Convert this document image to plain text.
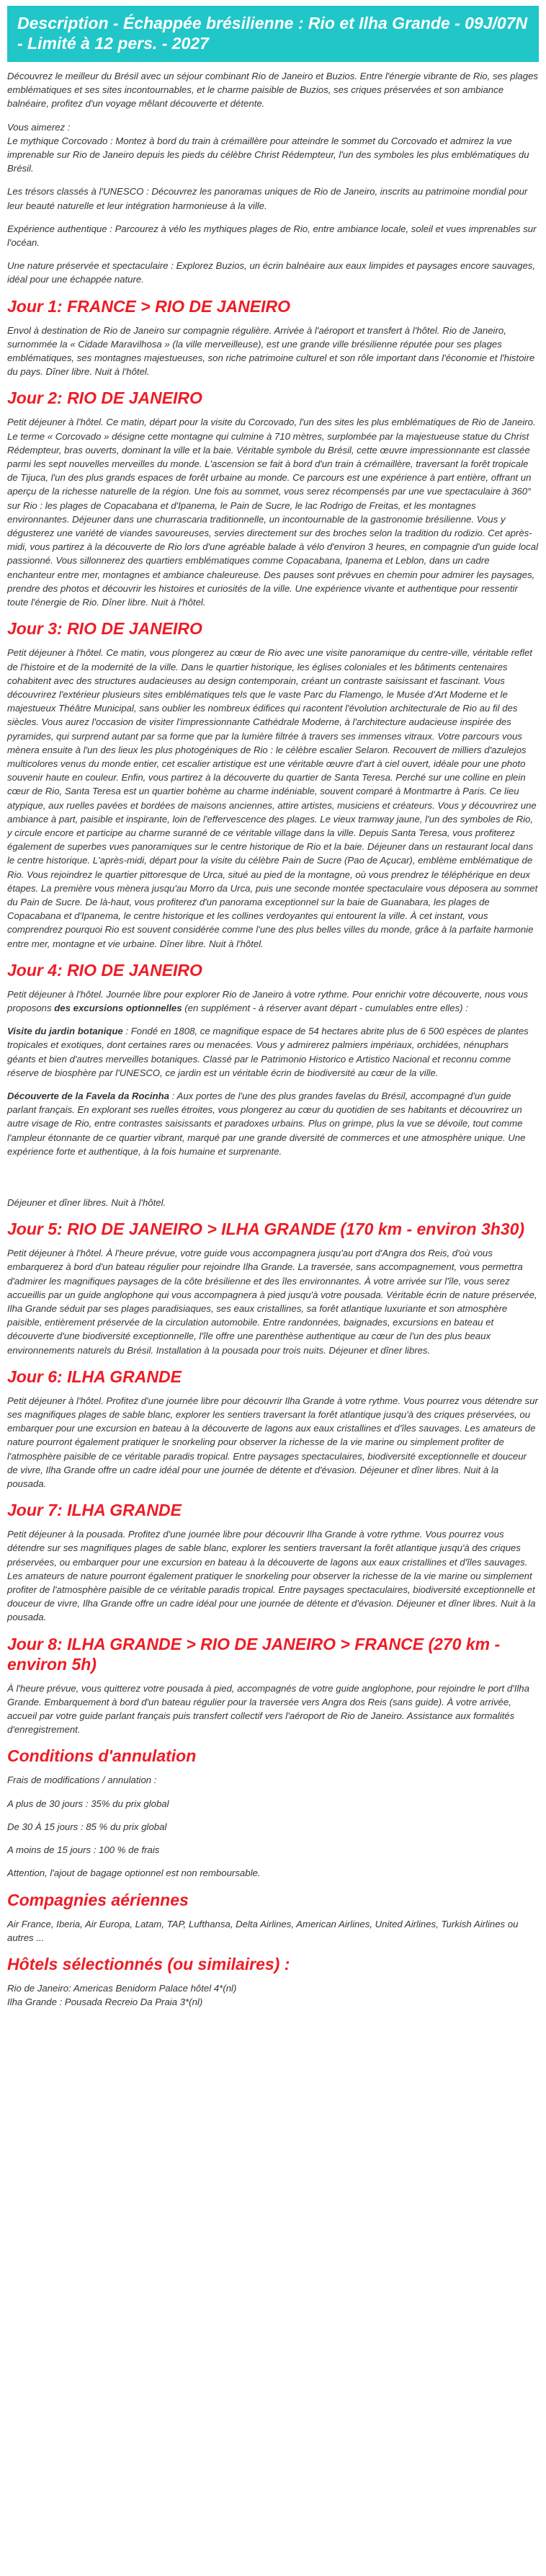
Description - Échappée brésilienne : Rio et Ilha Grande - 09J/07N - Limité à 12 pers. - 2027

Découvrez le meilleur du Brésil avec un séjour combinant Rio de Janeiro et Buzios. Entre l'énergie vibrante de Rio, ses plages emblématiques et ses sites incontournables, et le charme paisible de Buzios, ses criques préservées et son ambiance balnéaire, profitez d'un voyage mêlant découverte et détente.

Vous aimerez :
Le mythique Corcovado : Montez à bord du train à crémaillère pour atteindre le sommet du Corcovado et admirez la vue imprenable sur Rio de Janeiro depuis les pieds du célèbre Christ Rédempteur, l'un des symboles les plus emblématiques du Brésil.

Les trésors classés à l'UNESCO : Découvrez les panoramas uniques de Rio de Janeiro, inscrits au patrimoine mondial pour leur beauté naturelle et leur intégration harmonieuse à la ville.

Expérience authentique : Parcourez à vélo les mythiques plages de Rio, entre ambiance locale, soleil et vues imprenables sur l'océan.

Une nature préservée et spectaculaire : Explorez Buzios, un écrin balnéaire aux eaux limpides et paysages encore sauvages, idéal pour une échappée nature.

Jour 1: FRANCE > RIO DE JANEIRO

Envol à destination de Rio de Janeiro sur compagnie régulière. Arrivée à l'aéroport et transfert à l'hôtel. Rio de Janeiro, surnommée la « Cidade Maravilhosa » (la ville merveilleuse), est une grande ville brésilienne réputée pour ses plages emblématiques, ses montagnes majestueuses, son riche patrimoine culturel et son rôle important dans l'économie et l'histoire du pays. Dîner libre. Nuit à l'hôtel.

Jour 2: RIO DE JANEIRO

Petit déjeuner à l'hôtel. Ce matin, départ pour la visite du Corcovado, l'un des sites les plus emblématiques de Rio de Janeiro. Le terme « Corcovado » désigne cette montagne qui culmine à 710 mètres, surplombée par la majestueuse statue du Christ Rédempteur, bras ouverts, dominant la ville et la baie. Véritable symbole du Brésil, cette œuvre impressionnante est classée parmi les sept nouvelles merveilles du monde. L'ascension se fait à bord d'un train à crémaillère, traversant la forêt tropicale de Tijuca, l'un des plus grands espaces de forêt urbaine au monde. Ce parcours est une expérience à part entière, offrant un aperçu de la richesse naturelle de la région. Une fois au sommet, vous serez récompensés par une vue spectaculaire à 360° sur Rio : les plages de Copacabana et d'Ipanema, le Pain de Sucre, le lac Rodrigo de Freitas, et les montagnes environnantes. Déjeuner dans une churrascaria traditionnelle, un incontournable de la gastronomie brésilienne. Vous y dégusterez une variété de viandes savoureuses, servies directement sur des broches selon la tradition du rodizio. Cet après-midi, vous partirez à la découverte de Rio lors d'une agréable balade à vélo d'environ 3 heures, en compagnie d'un guide local passionné. Vous sillonnerez des quartiers emblématiques comme Copacabana, Ipanema et Leblon, dans un cadre enchanteur entre mer, montagnes et ambiance chaleureuse. Des pauses sont prévues en chemin pour admirer les paysages, prendre des photos et découvrir les histoires et curiosités de la ville. Une expérience vivante et authentique pour ressentir toute l'énergie de Rio. Dîner libre. Nuit à l'hôtel.

Jour 3: RIO DE JANEIRO

Petit déjeuner à l'hôtel. Ce matin, vous plongerez au cœur de Rio avec une visite panoramique du centre-ville, véritable reflet de l'histoire et de la modernité de la ville. Dans le quartier historique, les églises coloniales et les bâtiments centenaires cohabitent avec des structures audacieuses au design contemporain, créant un contraste saisissant et fascinant. Vous découvrirez l'extérieur plusieurs sites emblématiques tels que le vaste Parc du Flamengo, le Musée d'Art Moderne et le majestueux Théâtre Municipal, sans oublier les nombreux édifices qui racontent l'évolution architecturale de Rio au fil des siècles. Vous aurez l'occasion de visiter l'impressionnante Cathédrale Moderne, à l'architecture audacieuse inspirée des pyramides, qui surprend autant par sa forme que par la lumière filtrée à travers ses immenses vitraux. Votre parcours vous mènera ensuite à l'un des lieux les plus photogéniques de Rio : le célèbre escalier Selaron. Recouvert de milliers d'azulejos multicolores venus du monde entier, cet escalier artistique est une véritable œuvre d'art à ciel ouvert, idéale pour une photo souvenir haute en couleur. Enfin, vous partirez à la découverte du quartier de Santa Teresa. Perché sur une colline en plein cœur de Rio, Santa Teresa est un quartier bohème au charme indéniable, souvent comparé à Montmartre à Paris. Ce lieu atypique, aux ruelles pavées et bordées de maisons anciennes, attire artistes, musiciens et créateurs. Vous y découvrirez une ambiance à part, paisible et inspirante, loin de l'effervescence des plages. Le vieux tramway jaune, l'un des symboles de Rio, y circule encore et participe au charme suranné de ce véritable village dans la ville. Depuis Santa Teresa, vous profiterez également de superbes vues panoramiques sur le centre historique de Rio et la baie. Déjeuner dans un restaurant local dans le centre historique. L'après-midi, départ pour la visite du célèbre Pain de Sucre (Pao de Açucar), emblème emblématique de Rio. Vous rejoindrez le quartier pittoresque de Urca, situé au pied de la montagne, où vous prendrez le téléphérique en deux étapes. La première vous mènera jusqu'au Morro da Urca, puis une seconde montée spectaculaire vous déposera au sommet du Pain de Sucre. De là-haut, vous profiterez d'un panorama exceptionnel sur la baie de Guanabara, les plages de Copacabana et d'Ipanema, le centre historique et les collines verdoyantes qui entourent la ville. À cet instant, vous comprendrez pourquoi Rio est souvent considérée comme l'une des plus belles villes du monde, grâce à la parfaite harmonie entre mer, montagne et vie urbaine. Dîner libre. Nuit à l'hôtel.

Jour 4: RIO DE JANEIRO

Petit déjeuner à l'hôtel. Journée libre pour explorer Rio de Janeiro à votre rythme. Pour enrichir votre découverte, nous vous proposons des excursions optionnelles (en supplément - à réserver avant départ - cumulables entre elles) :

Visite du jardin botanique : Fondé en 1808, ce magnifique espace de 54 hectares abrite plus de 6 500 espèces de plantes tropicales et exotiques, dont certaines rares ou menacées. Vous y admirerez palmiers impériaux, orchidées, nénuphars géants et bien d'autres merveilles botaniques. Classé par le Patrimonio Historico e Artistico Nacional et reconnu comme réserve de biosphère par l'UNESCO, ce jardin est un véritable écrin de biodiversité au cœur de la ville.

Découverte de la Favela da Rocinha : Aux portes de l'une des plus grandes favelas du Brésil, accompagné d'un guide parlant français. En explorant ses ruelles étroites, vous plongerez au cœur du quotidien de ses habitants et découvrirez un autre visage de Rio, entre contrastes saisissants et paradoxes urbains. Plus on grimpe, plus la vue se dévoile, tout comme l'ampleur étonnante de ce quartier vibrant, marqué par une grande diversité de commerces et une atmosphère unique. Une expérience forte et authentique, à la fois humaine et surprenante.

Déjeuner et dîner libres. Nuit à l'hôtel.

Jour 5: RIO DE JANEIRO > ILHA GRANDE (170 km - environ 3h30)

Petit déjeuner à l'hôtel. À l'heure prévue, votre guide vous accompagnera jusqu'au port d'Angra dos Reis, d'où vous embarquerez à bord d'un bateau régulier pour rejoindre Ilha Grande. La traversée, sans accompagnement, vous permettra d'admirer les magnifiques paysages de la côte brésilienne et des îles environnantes. À votre arrivée sur l'île, vous serez accueillis par un guide anglophone qui vous accompagnera à pied jusqu'à votre pousada. Véritable écrin de nature préservée, Ilha Grande séduit par ses plages paradisiaques, ses eaux cristallines, sa forêt atlantique luxuriante et son atmosphère paisible, entièrement préservée de la circulation automobile. Entre randonnées, baignades, excursions en bateau et découverte d'une biodiversité exceptionnelle, l'île offre une parenthèse authentique au cœur de l'un des plus beaux environnements naturels du Brésil. Installation à la pousada pour trois nuits. Déjeuner et dîner libres.

Jour 6: ILHA GRANDE

Petit déjeuner à l'hôtel. Profitez d'une journée libre pour découvrir Ilha Grande à votre rythme. Vous pourrez vous détendre sur ses magnifiques plages de sable blanc, explorer les sentiers traversant la forêt atlantique jusqu'à des criques préservées, ou embarquer pour une excursion en bateau à la découverte de lagons aux eaux cristallines et d'îles sauvages. Les amateurs de nature pourront également pratiquer le snorkeling pour observer la richesse de la vie marine ou simplement profiter de l'atmosphère paisible de ce véritable paradis tropical. Entre paysages spectaculaires, biodiversité exceptionnelle et douceur de vivre, Ilha Grande offre un cadre idéal pour une journée de détente et d'évasion. Déjeuner et dîner libres. Nuit à la pousada.

Jour 7: ILHA GRANDE

Petit déjeuner à la pousada. Profitez d'une journée libre pour découvrir Ilha Grande à votre rythme. Vous pourrez vous détendre sur ses magnifiques plages de sable blanc, explorer les sentiers traversant la forêt atlantique jusqu'à des criques préservées, ou embarquer pour une excursion en bateau à la découverte de lagons aux eaux cristallines et d'îles sauvages. Les amateurs de nature pourront également pratiquer le snorkeling pour observer la richesse de la vie marine ou simplement profiter de l'atmosphère paisible de ce véritable paradis tropical. Entre paysages spectaculaires, biodiversité exceptionnelle et douceur de vivre, Ilha Grande offre un cadre idéal pour une journée de détente et d'évasion. Déjeuner et dîner libres. Nuit à la pousada.

Jour 8: ILHA GRANDE > RIO DE JANEIRO > FRANCE (270 km - environ 5h)

À l'heure prévue, vous quitterez votre pousada à pied, accompagnés de votre guide anglophone, pour rejoindre le port d'Ilha Grande. Embarquement à bord d'un bateau régulier pour la traversée vers Angra dos Reis (sans guide). À votre arrivée, accueil par votre guide parlant français puis transfert collectif vers l'aéroport de Rio de Janeiro. Assistance aux formalités d'enregistrement.

Conditions d'annulation

Frais de modifications / annulation :

A plus de 30 jours : 35% du prix global

De 30 À 15 jours : 85 % du prix global

A moins de 15 jours : 100 % de frais

Attention, l'ajout de bagage optionnel est non remboursable.

Compagnies aériennes

Air France, Iberia, Air Europa, Latam, TAP, Lufthansa, Delta Airlines, American Airlines, United Airlines, Turkish Airlines ou autres ...

Hôtels sélectionnés (ou similaires) :

Rio de Janeiro: Americas Benidorm Palace hôtel 4*(nl)
Ilha Grande : Pousada Recreio Da Praia 3*(nl)
